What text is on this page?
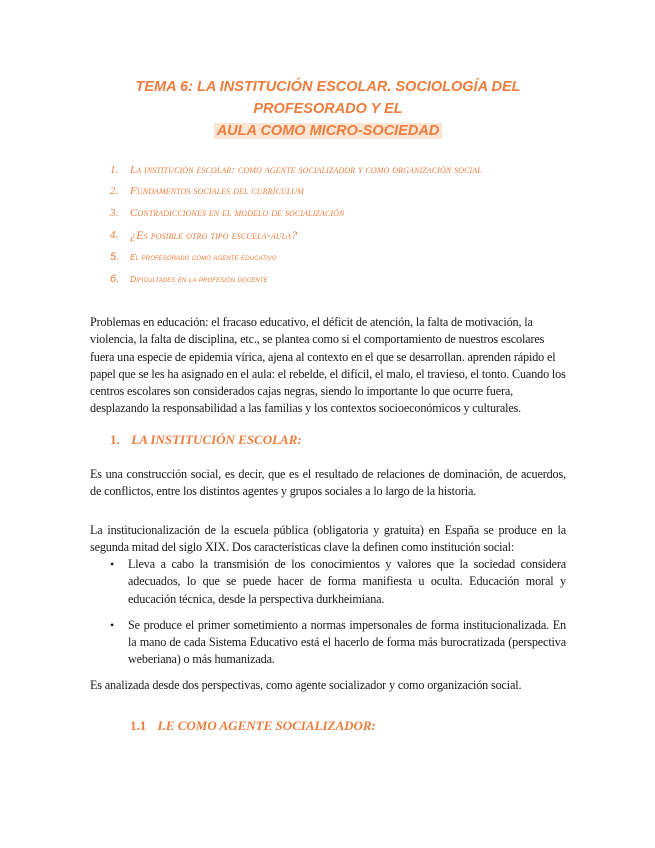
TEMA 6: LA INSTITUCIÓN ESCOLAR. SOCIOLOGÍA DEL PROFESORADO Y EL
AULA COMO MICRO-SOCIEDAD
1. La institución escolar: como agente socializador y como organización social
2. Fundamentos sociales del currículum
3. Contradicciones en el modelo de socialización
4. ¿Es posible otro tipo escuela-aula?
5. El profesorado como agente educativo
6. Dificultades en la profesión docente

Problemas en educación: el fracaso educativo, el déficit de atención, la falta de motivación, la violencia, la falta de disciplina, etc., se plantea como si el comportamiento de nuestros escolares fuera una especie de epidemia vírica, ajena al contexto en el que se desarrollan. aprenden rápido el papel que se les ha asignado en el aula: el rebelde, el difícil, el malo, el travieso, el tonto. Cuando los centros escolares son considerados cajas negras, siendo lo importante lo que ocurre fuera, desplazando la responsabilidad a las familias y los contextos socioeconómicos y culturales.

1. LA INSTITUCIÓN ESCOLAR:

Es una construcción social, es decir, que es el resultado de relaciones de dominación, de acuerdos, de conflictos, entre los distintos agentes y grupos sociales a lo largo de la historia.

La institucionalización de la escuela pública (obligatoria y gratuita) en España se produce en la segunda mitad del siglo XIX. Dos características clave la definen como institución social:

• Lleva a cabo la transmisión de los conocimientos y valores que la sociedad considera adecuados, lo que se puede hacer de forma manifiesta u oculta. Educación moral y educación técnica, desde la perspectiva durkheimiana.
• Se produce el primer sometimiento a normas impersonales de forma institucionalizada. En la mano de cada Sistema Educativo está el hacerlo de forma más burocratizada (perspectiva weberiana) o más humanizada.

Es analizada desde dos perspectivas, como agente socializador y como organización social.

1.1 I.E COMO AGENTE SOCIALIZADOR:
